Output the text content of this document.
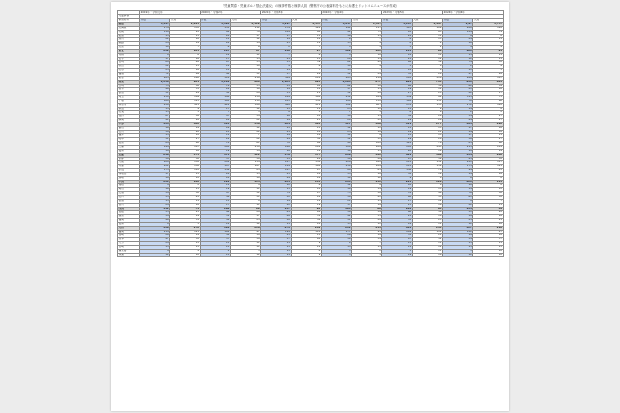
「児童買春・児童ポルノ禁止法違反」の検挙件数と検挙人員（警察庁の公表資料をもとに弁護士ドットコムニュースが作成）
	2019年・令和元年		2020年・令和2年		2021年・令和3年		2022年・令和4年		2023年・令和5年		2024年・令和6年	
児童買春												
都道府県	件数	人員	件数	人員	件数	人員	件数	人員	件数	人員	件数	人員
総数	3,44?	2,813	3,394	2,529	3,29?	2,53?	3,65?	2,54?	3,26?	2,29?	2,9?	1,74?
北海道	174	132	135	112	179	128	141	117	167	109	200	128
札幌	118	93	94	79	109	80	92	73	93	63	124	79
函館	13	13	20	17	17	15	16	13	22	11	9	8
旭川	22	10	15	12	14	14	9	7	8	15	24	11
釧路	24	14	24	14	23	12	13	9	6	4	16	8
北見	10	7	6	6	2	7	5	5	3	2	4	4
東北	212	165	167	97	140	97	162	101	153	96	161	91
青森	9	6	12	11	7	6	3	10	12	11	15	11
岩手	17	16	17	13	21	13	20	15	23	12	12	11
宮城	69	48	67	33	55	39	62	41	48	39	74	32
秋田	22	13	12	10	9	6	10	4	3	8	2	4
山形	23	18	15	9	11	7	15	7	12	6	11	5
福島	72	64	44	31	37	26	52	24	55	20	47	28
東京	283	262	318	216	304	214	283	218	295	218	268	187
関東	1,236	961	1,118	906	1,161	895	1,204	877	983	743	911	665
茨城	75	56	76	55	53	44	82	50	48	36	62	34
栃木	46	35	24	16	19	14	17	13	19	14	21	16
群馬	31	24	30	28	31	21	32	28	27	25	22	17
埼玉	230	189	190	159	249	190	232	189	159	84	313	75
千葉	160	125	165	110	203	130	184	130	192	151	70	60
神奈川	456	411	422	386	448	411	582	407	276	153	272	142
新潟	15	9	17	12	13	11	23	11	13	9	14	8
山梨	13	5	7	5	8	5	7	5	6	6	2	2
長野	67	58	47	34	16	10	10	13	34	26	34	27
静岡	41	28	24	22	19	23	20	21	29	28	44	27
中部	414	366	414	338	364	405	317	300	321	277	493	296
富山	16	14	16	12	15	13	12	11	13	13	17	16
石川	38	20	23	22	21	18	23	18	19	21	14	18
福井	13	12	11	7	19	14	11	8	15	15	17	11
岐阜	31	27	22	22	29	30	32	31	29	28	36	27
愛知	84	62	78	61	78	66	99	102	122	78	85	60
三重	194	187	265	230	246	242	300	200	283	243	213	214
滋賀	18	16	19	14	18	16	14	13	20	19	19	19
近畿	640	475	574	422	578	377	648	391	581	360	514	266
京都	38	30	37	30	35	28	50	28	47	39	43	32
大阪	209	158	202	154	227	158	228	162	215	152	221	117
兵庫	222	156	197	167	219	198	239	208	215	159	173	121
奈良	173	112	136	85	147	47	88	63	136	78	94	45
和歌山	17	13	24	15	25	18	35	18	32	19	14	18
鳥取	18	12	10	10	24	14	14	12	9	8	6	6
中国	211	126	191	115	225	133	244	131	223	126	221	115
島根	4	2	11	4	12	6	12	8	10	8	10	8
岡山	16	13	19	11	15	10	19	14	19	15	14	12
広島	34	30	47	32	74	47	75	50	76	40	76	50
山口	53	43	38	31	52	41	38	41	40	35	61	32
徳島	13	11	13	9	19	12	21	13	17	12	9	7
香川	24	18	17	11	22	19	17	19	23	16	22	11
四国	142	74	106	68	157	92	164	89	162	83	113	59
愛媛	53	23	46	28	61	44	56	39	60	38	31	22
高知	34	19	31	17	48	31	42	33	25	18	18	18
福岡	46	31	34	23	50	34	51	29	33	23	23	21
佐賀	9	3	12	12	11	10	13	11	14	11	12	10
九州	419	276	310	218	271	239	241	213	364	234	327	210
福岡	214	121	162	97	194	110	177	93	209	114	122	47
長崎	26	14	38	18	23	15	26	19	31	21	19	18
熊本	47	32	57	38	57	40	54	34	67	52	54	37
大分	24	15	15	11	11	9	9	7	15	11	13	11
宮崎	13	13	15	11	13	12	15	13	11	12	13	13
鹿児島	4	4	2	3	13	8	3	2	3	11	3	10
沖縄	12	10	13	12	11	9	5	5	19	18	12	10
